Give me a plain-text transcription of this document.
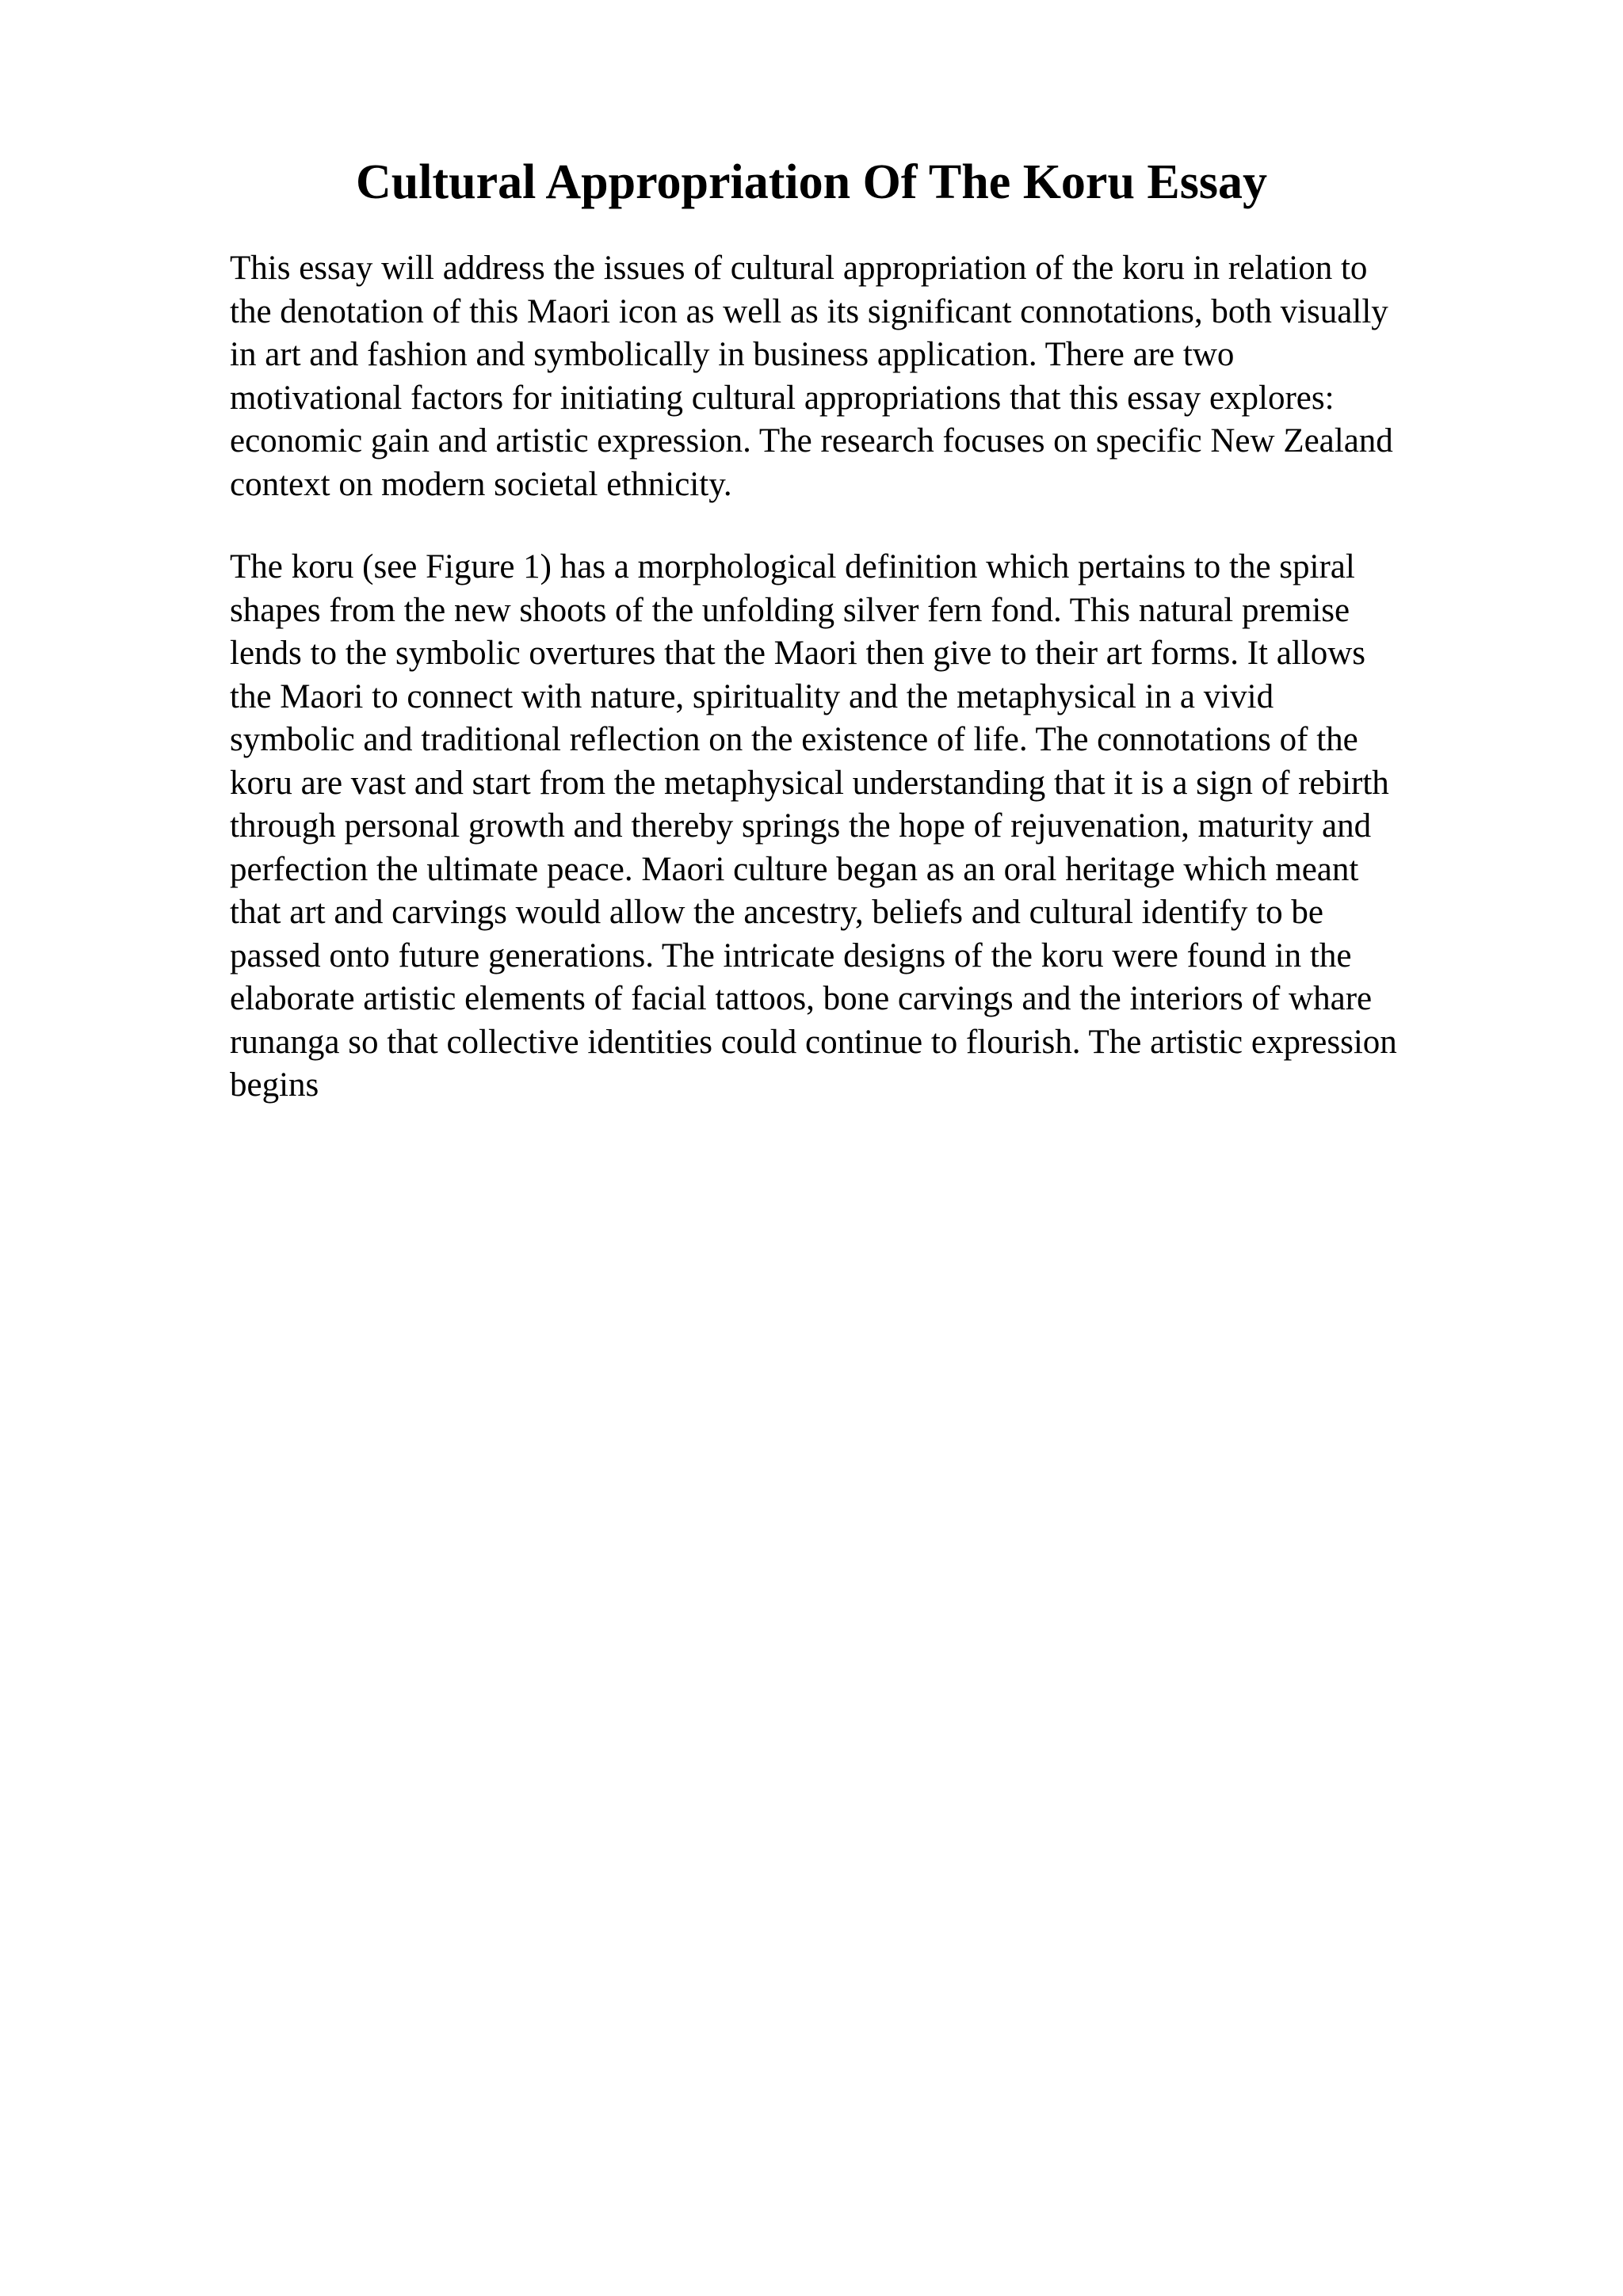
Cultural Appropriation Of The Koru Essay

This essay will address the issues of cultural appropriation of the koru in relation to
the denotation of this Maori icon as well as its significant connotations, both visually
in art and fashion and symbolically in business application. There are two
motivational factors for initiating cultural appropriations that this essay explores:
economic gain and artistic expression. The research focuses on specific New Zealand
context on modern societal ethnicity.

The koru (see Figure 1) has a morphological definition which pertains to the spiral
shapes from the new shoots of the unfolding silver fern fond. This natural premise
lends to the symbolic overtures that the Maori then give to their art forms. It allows
the Maori to connect with nature, spirituality and the metaphysical in a vivid
symbolic and traditional reflection on the existence of life. The connotations of the
koru are vast and start from the metaphysical understanding that it is a sign of rebirth
through personal growth and thereby springs the hope of rejuvenation, maturity and
perfection the ultimate peace. Maori culture began as an oral heritage which meant
that art and carvings would allow the ancestry, beliefs and cultural identify to be
passed onto future generations. The intricate designs of the koru were found in the
elaborate artistic elements of facial tattoos, bone carvings and the interiors of whare
runanga so that collective identities could continue to flourish. The artistic expression
begins
